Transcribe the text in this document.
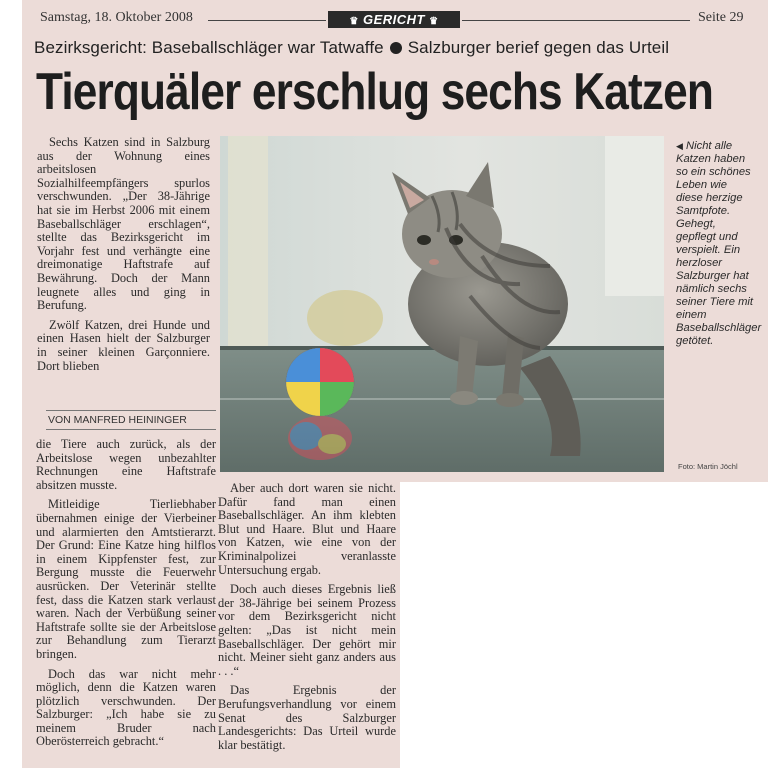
Samstag, 18. Oktober 2008	♛ GERICHT ♛	Seite 29
Bezirksgericht: Baseballschläger war Tatwaffe Salzburger berief gegen das Urteil
Tierquäler erschlug sechs Katzen

Sechs Katzen sind in Salzburg aus der Wohnung eines arbeitslosen Sozialhilfeempfängers spurlos verschwunden. „Der 38-Jährige hat sie im Herbst 2006 mit einem Baseballschläger erschlagen“, stellte das Bezirksgericht im Vorjahr fest und verhängte eine dreimonatige Haftstrafe auf Bewährung. Doch der Mann leugnete alles und ging in Berufung.

Zwölf Katzen, drei Hunde und einen Hasen hielt der Salzburger in seiner kleinen Garçonniere. Dort blieben

VON MANFRED HEININGER

die Tiere auch zurück, als der Arbeitslose wegen unbezahlter Rechnungen eine Haftstrafe absitzen musste.

Mitleidige Tierliebhaber übernahmen einige der Vierbeiner und alarmierten den Amtstierarzt. Der Grund: Eine Katze hing hilflos in einem Kippfenster fest, zur Bergung musste die Feuerwehr ausrücken. Der Veterinär stellte fest, dass die Katzen stark verlaust waren. Nach der Verbüßung seiner Haftstrafe sollte sie der Arbeitslose zur Behandlung zum Tierarzt bringen.

Doch das war nicht mehr möglich, denn die Katzen waren plötzlich verschwunden. Der Salzburger: „Ich habe sie zu meinem Bruder nach Oberösterreich gebracht.“

◀ Nicht alle Katzen haben so ein schönes Leben wie diese herzige Samtpfote. Gehegt, gepflegt und verspielt. Ein herzloser Salzburger hat nämlich sechs seiner Tiere mit einem Baseballschläger getötet.
Foto: Martin Jöchl

Aber auch dort waren sie nicht. Dafür fand man einen Baseballschläger. An ihm klebten Blut und Haare. Blut und Haare von Katzen, wie eine von der Kriminalpolizei veranlasste Untersuchung ergab.

Doch auch dieses Ergebnis ließ der 38-Jährige bei seinem Prozess vor dem Bezirksgericht nicht gelten: „Das ist nicht mein Baseballschläger. Der gehört mir nicht. Meiner sieht ganz anders aus . . .“

Das Ergebnis der Berufungsverhandlung vor einem Senat des Salzburger Landesgerichts: Das Urteil wurde klar bestätigt.
